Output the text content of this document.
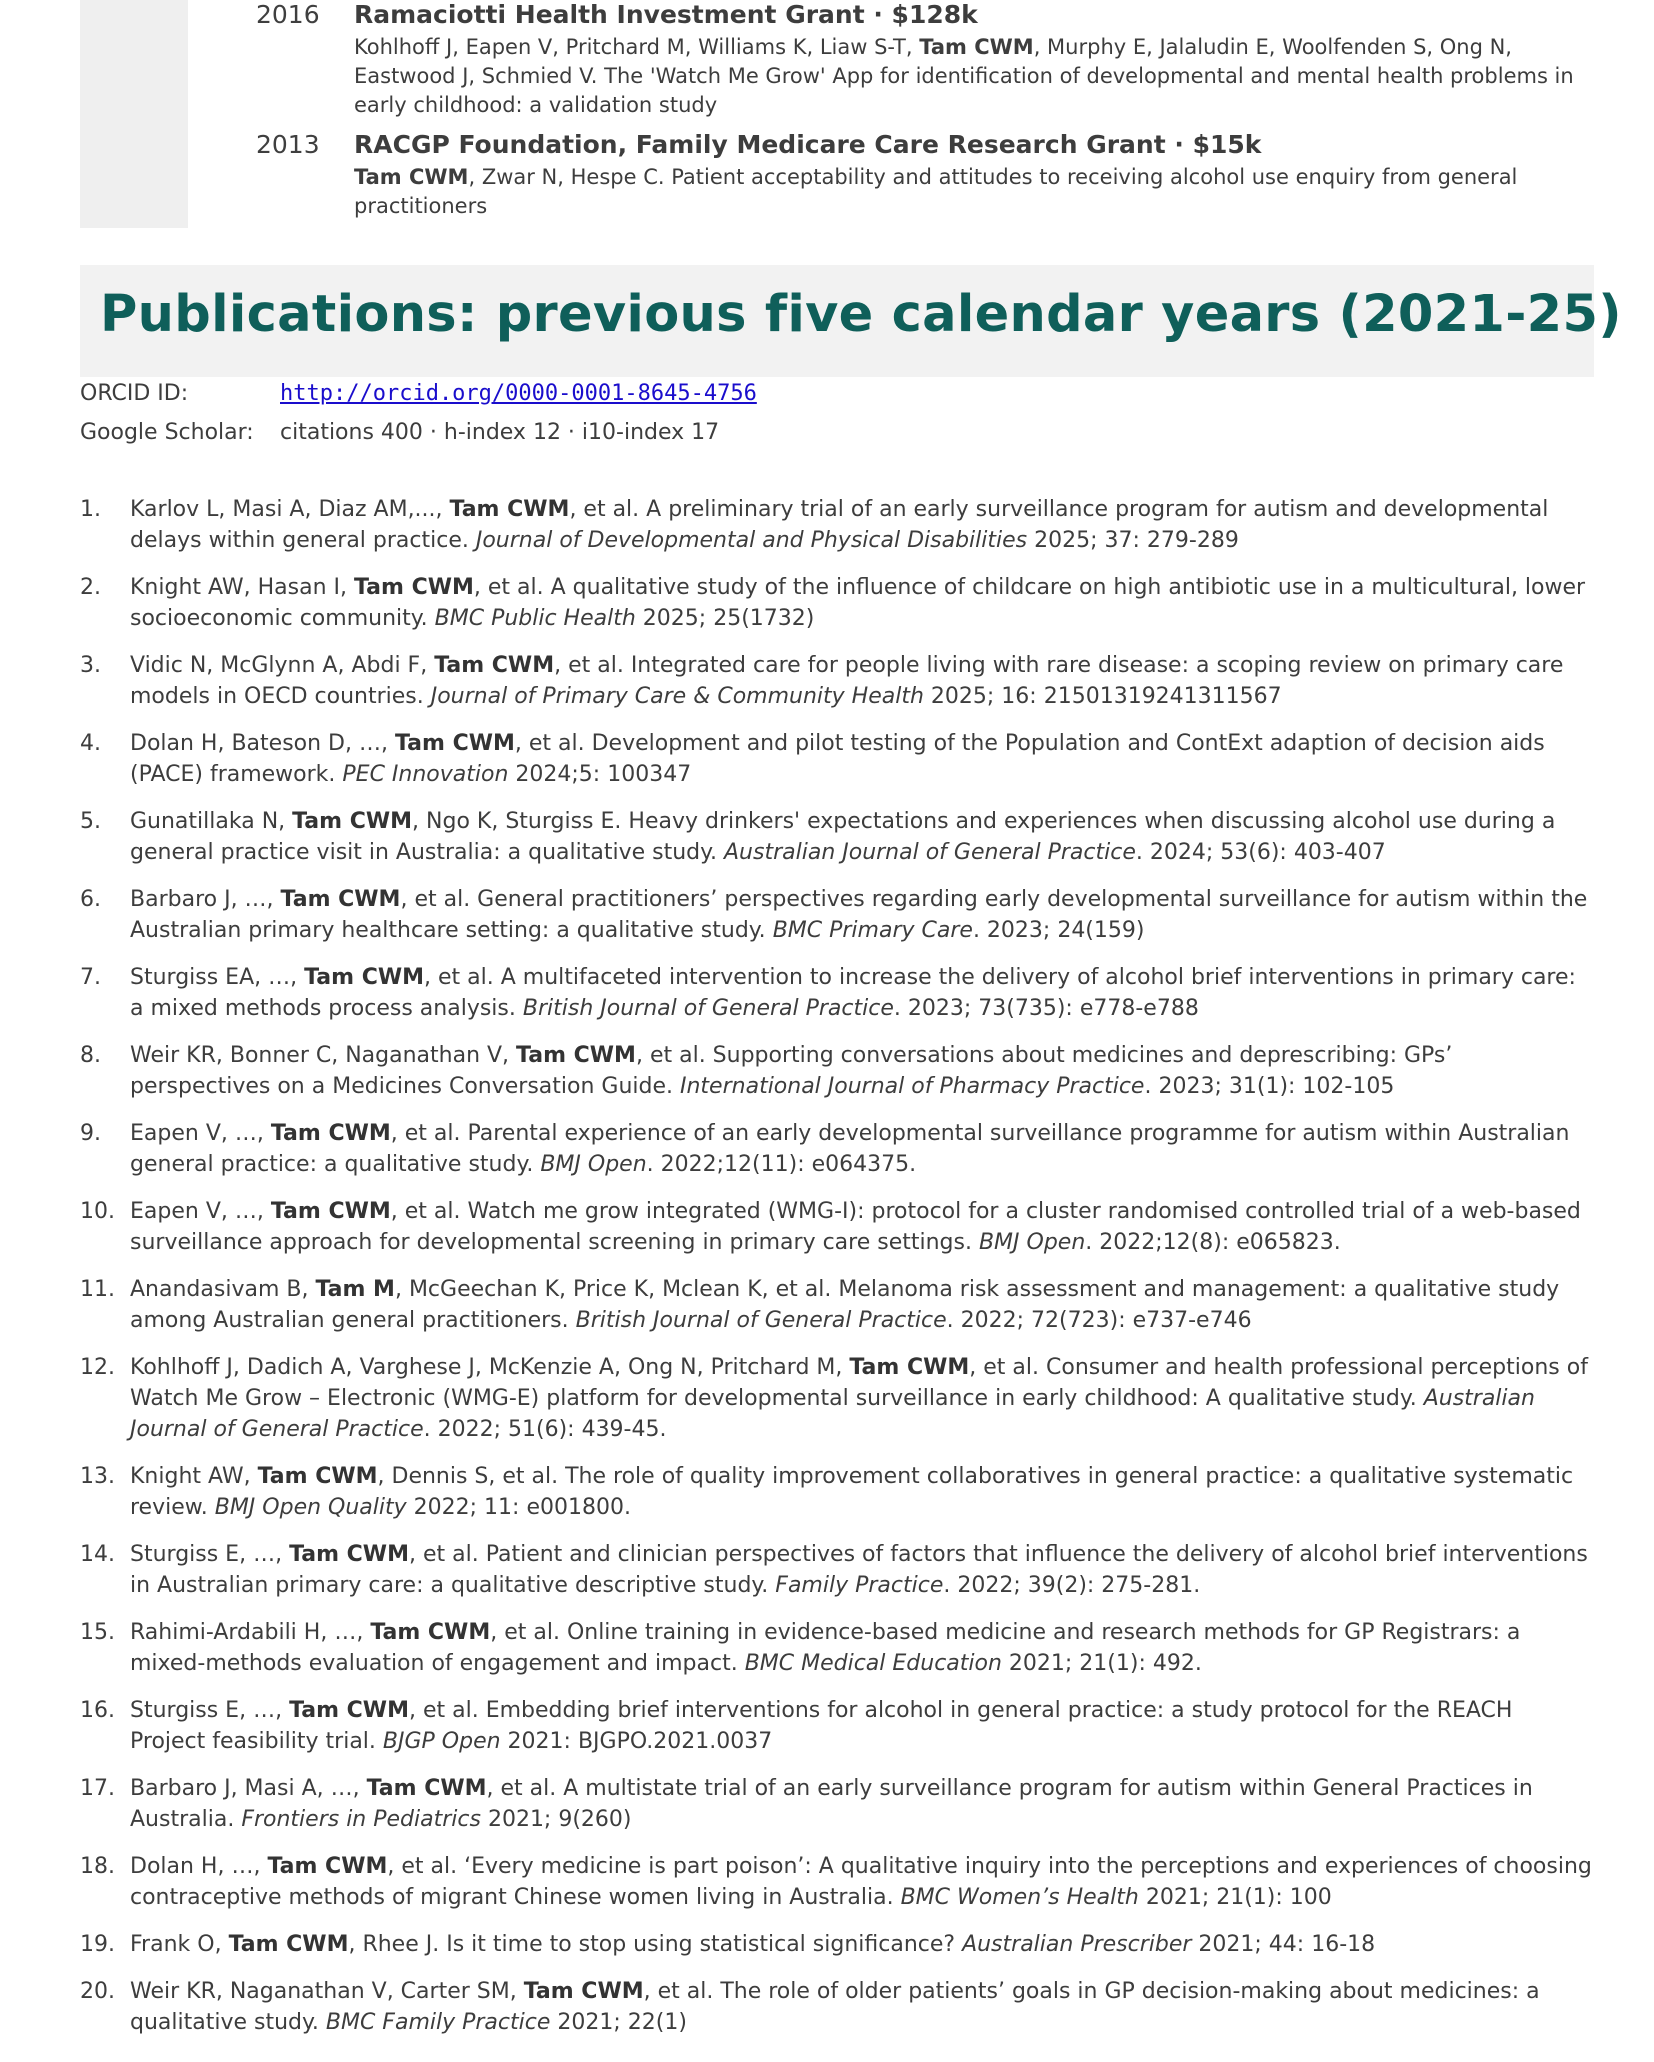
2016 Ramaciotti Health Investment Grant · $128k
Kohlhoff J, Eapen V, Pritchard M, Williams K, Liaw S-T, Tam CWM, Murphy E, Jalaludin E, Woolfenden S, Ong N, Eastwood J, Schmied V. The 'Watch Me Grow' App for identification of developmental and mental health problems in early childhood: a validation study
2013 RACGP Foundation, Family Medicare Care Research Grant · $15k
Tam CWM, Zwar N, Hespe C. Patient acceptability and attitudes to receiving alcohol use enquiry from general practitioners
Publications: previous five calendar years (2021-25)
ORCID ID:	http://orcid.org/0000-0001-8645-4756
Google Scholar: citations 400 · h-index 12 · i10-index 17
1. Karlov L, Masi A, Diaz AM,..., Tam CWM, et al. A preliminary trial of an early surveillance program for autism and developmental delays within general practice. Journal of Developmental and Physical Disabilities 2025; 37: 279-289
2. Knight AW, Hasan I, Tam CWM, et al. A qualitative study of the influence of childcare on high antibiotic use in a multicultural, lower socioeconomic community. BMC Public Health 2025; 25(1732)
3. Vidic N, McGlynn A, Abdi F, Tam CWM, et al. Integrated care for people living with rare disease: a scoping review on primary care models in OECD countries. Journal of Primary Care & Community Health 2025; 16: 21501319241311567
4. Dolan H, Bateson D, …, Tam CWM, et al. Development and pilot testing of the Population and ContExt adaption of decision aids (PACE) framework. PEC Innovation 2024;5: 100347
5. Gunatillaka N, Tam CWM, Ngo K, Sturgiss E. Heavy drinkers' expectations and experiences when discussing alcohol use during a general practice visit in Australia: a qualitative study. Australian Journal of General Practice. 2024; 53(6): 403-407
6. Barbaro J, …, Tam CWM, et al. General practitioners’ perspectives regarding early developmental surveillance for autism within the Australian primary healthcare setting: a qualitative study. BMC Primary Care. 2023; 24(159)
7. Sturgiss EA, …, Tam CWM, et al. A multifaceted intervention to increase the delivery of alcohol brief interventions in primary care: a mixed methods process analysis. British Journal of General Practice. 2023; 73(735): e778-e788
8. Weir KR, Bonner C, Naganathan V, Tam CWM, et al. Supporting conversations about medicines and deprescribing: GPs’ perspectives on a Medicines Conversation Guide. International Journal of Pharmacy Practice. 2023; 31(1): 102-105
9. Eapen V, …, Tam CWM, et al. Parental experience of an early developmental surveillance programme for autism within Australian general practice: a qualitative study. BMJ Open. 2022;12(11): e064375.
10. Eapen V, …, Tam CWM, et al. Watch me grow integrated (WMG-I): protocol for a cluster randomised controlled trial of a web-based surveillance approach for developmental screening in primary care settings. BMJ Open. 2022;12(8): e065823.
11. Anandasivam B, Tam M, McGeechan K, Price K, Mclean K, et al. Melanoma risk assessment and management: a qualitative study among Australian general practitioners. British Journal of General Practice. 2022; 72(723): e737-e746
12. Kohlhoff J, Dadich A, Varghese J, McKenzie A, Ong N, Pritchard M, Tam CWM, et al. Consumer and health professional perceptions of Watch Me Grow – Electronic (WMG-E) platform for developmental surveillance in early childhood: A qualitative study. Australian Journal of General Practice. 2022; 51(6): 439-45.
13. Knight AW, Tam CWM, Dennis S, et al. The role of quality improvement collaboratives in general practice: a qualitative systematic review. BMJ Open Quality 2022; 11: e001800.
14. Sturgiss E, …, Tam CWM, et al. Patient and clinician perspectives of factors that influence the delivery of alcohol brief interventions in Australian primary care: a qualitative descriptive study. Family Practice. 2022; 39(2): 275-281.
15. Rahimi-Ardabili H, …, Tam CWM, et al. Online training in evidence-based medicine and research methods for GP Registrars: a mixed-methods evaluation of engagement and impact. BMC Medical Education 2021; 21(1): 492.
16. Sturgiss E, …, Tam CWM, et al. Embedding brief interventions for alcohol in general practice: a study protocol for the REACH Project feasibility trial. BJGP Open 2021: BJGPO.2021.0037
17. Barbaro J, Masi A, …, Tam CWM, et al. A multistate trial of an early surveillance program for autism within General Practices in Australia. Frontiers in Pediatrics 2021; 9(260)
18. Dolan H, …, Tam CWM, et al. ‘Every medicine is part poison’: A qualitative inquiry into the perceptions and experiences of choosing contraceptive methods of migrant Chinese women living in Australia. BMC Women’s Health 2021; 21(1): 100
19. Frank O, Tam CWM, Rhee J. Is it time to stop using statistical significance? Australian Prescriber 2021; 44: 16-18
20. Weir KR, Naganathan V, Carter SM, Tam CWM, et al. The role of older patients’ goals in GP decision-making about medicines: a qualitative study. BMC Family Practice 2021; 22(1)
